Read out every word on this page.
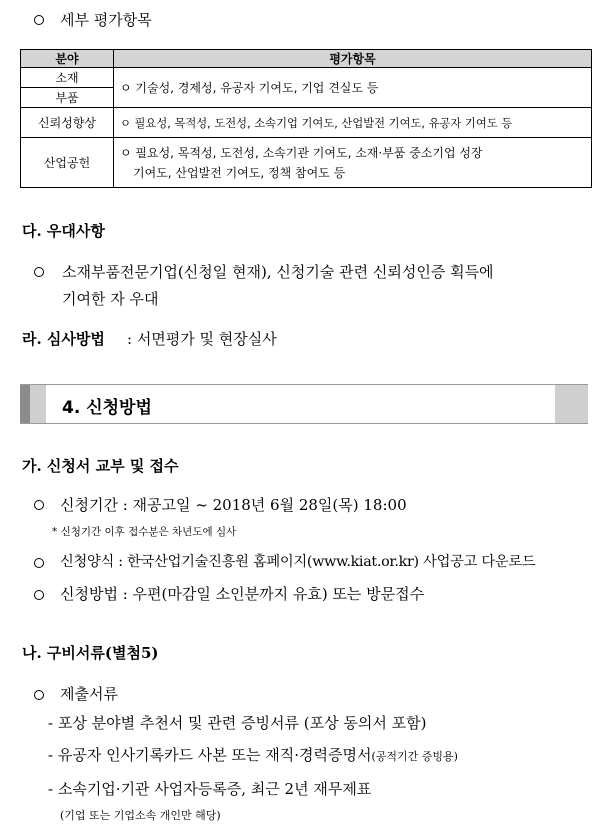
세부 평가항목
분야	평가항목
소재	ㅇ 기술성, 경제성, 유공자 기여도, 기업 견실도 등
부품	
신뢰성향상	ㅇ 필요성, 목적성, 도전성, 소속기업 기여도, 산업발전 기여도, 유공자 기여도 등
산업공헌	ㅇ 필요성, 목적성, 도전성, 소속기관 기여도, 소재·부품 중소기업 성장
기여도, 산업발전 기여도, 정책 참여도 등
다. 우대사항
소재부품전문기업(신청일 현재), 신청기술 관련 신뢰성인증 획득에
기여한 자 우대
라. 심사방법 : 서면평가 및 현장실사
4. 신청방법
가. 신청서 교부 및 접수
신청기간 : 재공고일 ~ 2018년 6월 28일(목) 18:00
* 신청기간 이후 접수분은 차년도에 심사
신청양식 : 한국산업기술진흥원 홈페이지(www.kiat.or.kr) 사업공고 다운로드
신청방법 : 우편(마감일 소인분까지 유효) 또는 방문접수
나. 구비서류(별첨5)
제출서류
- 포상 분야별 추천서 및 관련 증빙서류 (포상 동의서 포함)
- 유공자 인사기록카드 사본 또는 재직·경력증명서(공적기간 증빙용)
- 소속기업·기관 사업자등록증, 최근 2년 재무제표
(기업 또는 기업소속 개인만 해당)
